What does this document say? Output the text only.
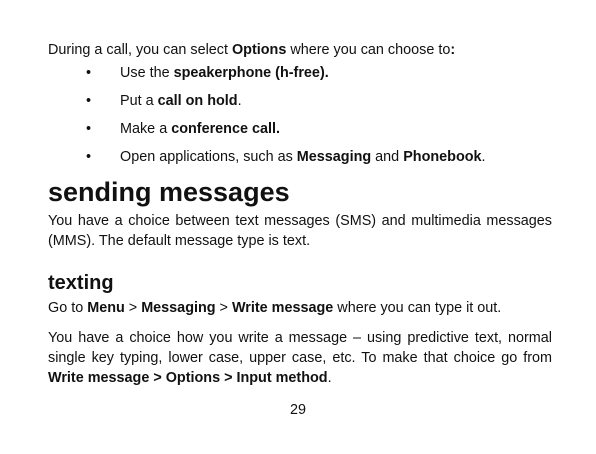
During a call, you can select Options where you can choose to:

• Use the speakerphone (h-free).
• Put a call on hold.
• Make a conference call.
• Open applications, such as Messaging and Phonebook.
sending messages

You have a choice between text messages (SMS) and multimedia messages (MMS). The default message type is text.

texting

Go to Menu > Messaging > Write message where you can type it out.

You have a choice how you write a message – using predictive text, normal single key typing, lower case, upper case, etc. To make that choice go from Write message > Options > Input method.

29
